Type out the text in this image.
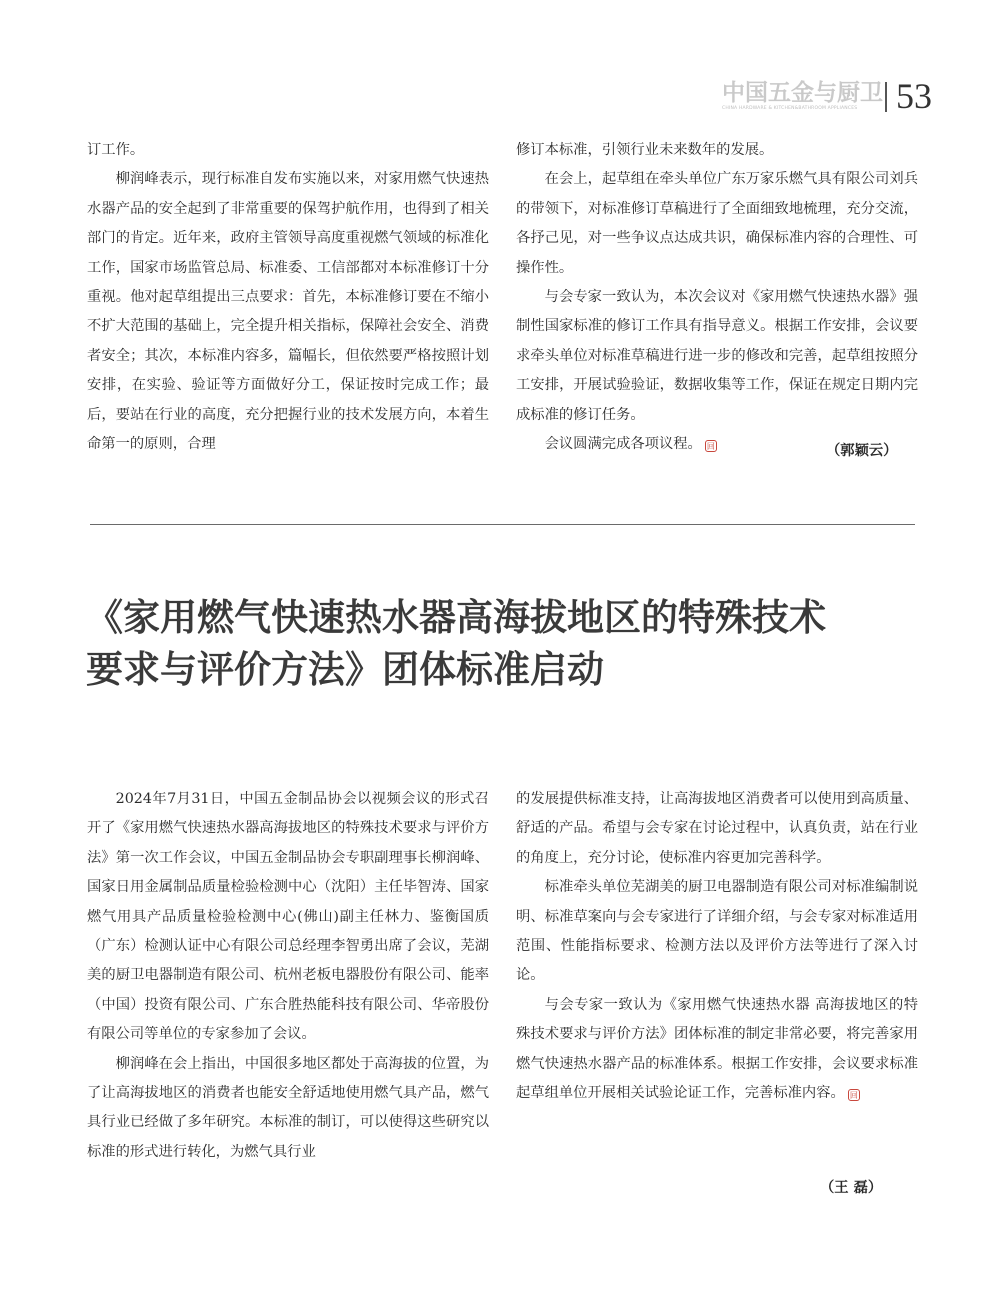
中国五金与厨卫
CHINA HARDWARE & KITCHEN&BATHROOM APPLIANCES	53

订工作。

柳润峰表示，现行标准自发布实施以来，对家用燃气快速热水器产品的安全起到了非常重要的保驾护航作用，也得到了相关部门的肯定。近年来，政府主管领导高度重视燃气领域的标准化工作，国家市场监管总局、标准委、工信部都对本标准修订十分重视。他对起草组提出三点要求：首先，本标准修订要在不缩小不扩大范围的基础上，完全提升相关指标，保障社会安全、消费者安全；其次，本标准内容多，篇幅长，但依然要严格按照计划安排，在实验、验证等方面做好分工，保证按时完成工作；最后，要站在行业的高度，充分把握行业的技术发展方向，本着生命第一的原则，合理

修订本标准，引领行业未来数年的发展。

在会上，起草组在牵头单位广东万家乐燃气具有限公司刘兵的带领下，对标准修订草稿进行了全面细致地梳理，充分交流，各抒己见，对一些争议点达成共识，确保标准内容的合理性、可操作性。

与会专家一致认为，本次会议对《家用燃气快速热水器》强制性国家标准的修订工作具有指导意义。根据工作安排，会议要求牵头单位对标准草稿进行进一步的修改和完善，起草组按照分工安排，开展试验验证，数据收集等工作，保证在规定日期内完成标准的修订任务。

会议圆满完成各项议程。 回	（郭颖云）
《家用燃气快速热水器高海拔地区的特殊技术
要求与评价方法》团体标准启动

2024年7月31日，中国五金制品协会以视频会议的形式召开了《家用燃气快速热水器高海拔地区的特殊技术要求与评价方法》第一次工作会议，中国五金制品协会专职副理事长柳润峰、国家日用金属制品质量检验检测中心（沈阳）主任毕智涛、国家燃气用具产品质量检验检测中心(佛山)副主任林力、鉴衡国质（广东）检测认证中心有限公司总经理李智勇出席了会议，芜湖美的厨卫电器制造有限公司、杭州老板电器股份有限公司、能率（中国）投资有限公司、广东合胜热能科技有限公司、华帝股份有限公司等单位的专家参加了会议。

柳润峰在会上指出，中国很多地区都处于高海拔的位置，为了让高海拔地区的消费者也能安全舒适地使用燃气具产品，燃气具行业已经做了多年研究。本标准的制订，可以使得这些研究以标准的形式进行转化，为燃气具行业

的发展提供标准支持，让高海拔地区消费者可以使用到高质量、舒适的产品。希望与会专家在讨论过程中，认真负责，站在行业的角度上，充分讨论，使标准内容更加完善科学。

标准牵头单位芜湖美的厨卫电器制造有限公司对标准编制说明、标准草案向与会专家进行了详细介绍，与会专家对标准适用范围、性能指标要求、检测方法以及评价方法等进行了深入讨论。

与会专家一致认为《家用燃气快速热水器 高海拔地区的特殊技术要求与评价方法》团体标准的制定非常必要，将完善家用燃气快速热水器产品的标准体系。根据工作安排，会议要求标准起草组单位开展相关试验论证工作，完善标准内容。 回

（王 磊）
